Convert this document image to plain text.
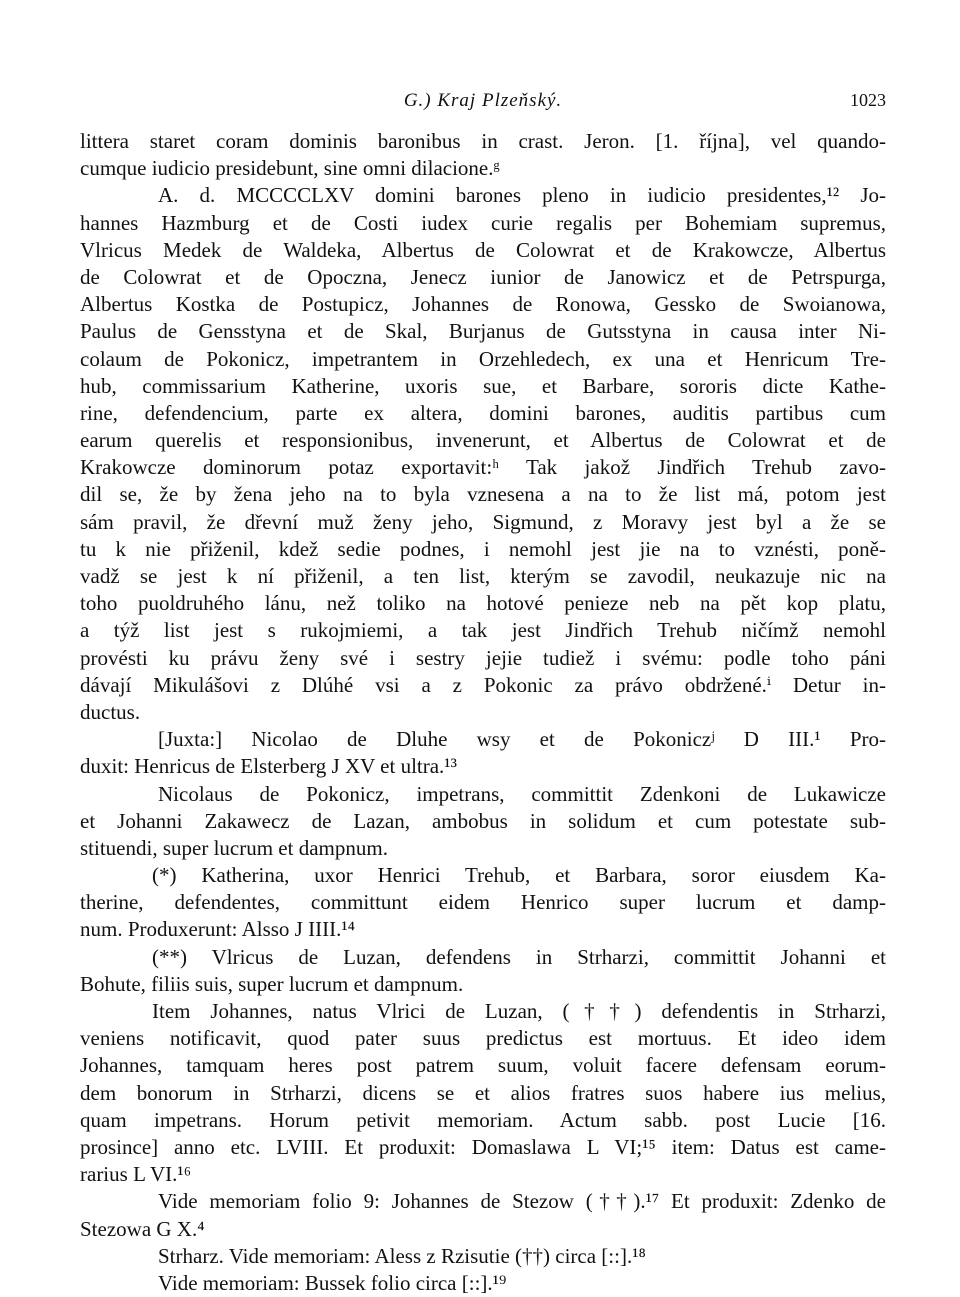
G.) Kraj Plzeňský.	1023
littera staret coram dominis baronibus in crast. Jeron. [1. října], vel quando-
cumque iudicio presidebunt, sine omni dilacione.ᵍ
A. d. MCCCCLXV domini barones pleno in iudicio presidentes,¹² Jo-
hannes Hazmburg et de Costi iudex curie regalis per Bohemiam supremus,
Vlricus Medek de Waldeka, Albertus de Colowrat et de Krakowcze, Albertus
de Colowrat et de Opoczna, Jenecz iunior de Janowicz et de Petrspurga,
Albertus Kostka de Postupicz, Johannes de Ronowa, Gessko de Swoianowa,
Paulus de Gensstyna et de Skal, Burjanus de Gutsstyna in causa inter Ni-
colaum de Pokonicz, impetrantem in Orzehledech, ex una et Henricum Tre-
hub, commissarium Katherine, uxoris sue, et Barbare, sororis dicte Kathe-
rine, defendencium, parte ex altera, domini barones, auditis partibus cum
earum querelis et responsionibus, invenerunt, et Albertus de Colowrat et de
Krakowcze dominorum potaz exportavit:ʰ Tak jakož Jindřich Trehub zavo-
dil se, že by žena jeho na to byla vznesena a na to že list má, potom jest
sám pravil, že dřevní muž ženy jeho, Sigmund, z Moravy jest byl a že se
tu k nie přiženil, kdež sedie podnes, i nemohl jest jie na to vznésti, poně-
vadž se jest k ní přiženil, a ten list, kterým se zavodil, neukazuje nic na
toho puoldruhého lánu, než toliko na hotové penieze neb na pět kop platu,
a týž list jest s rukojmiemi, a tak jest Jindřich Trehub ničímž nemohl
provésti ku právu ženy své i sestry jejie tudiež i svému: podle toho páni
dávají Mikulášovi z Dlúhé vsi a z Pokonic za právo obdržené.ⁱ Detur in-
ductus.
[Juxta:] Nicolao de Dluhe wsy et de Pokoniczʲ D III.¹ Pro-
duxit: Henricus de Elsterberg J XV et ultra.¹³
Nicolaus de Pokonicz, impetrans, committit Zdenkoni de Lukawicze
et Johanni Zakawecz de Lazan, ambobus in solidum et cum potestate sub-
stituendi, super lucrum et dampnum.
(*) Katherina, uxor Henrici Trehub, et Barbara, soror eiusdem Ka-
therine, defendentes, committunt eidem Henrico super lucrum et damp-
num. Produxerunt: Alsso J IIII.¹⁴
(**) Vlricus de Luzan, defendens in Strharzi, committit Johanni et
Bohute, filiis suis, super lucrum et dampnum.
Item Johannes, natus Vlrici de Luzan, (††) defendentis in Strharzi,
veniens notificavit, quod pater suus predictus est mortuus. Et ideo idem
Johannes, tamquam heres post patrem suum, voluit facere defensam eorum-
dem bonorum in Strharzi, dicens se et alios fratres suos habere ius melius,
quam impetrans. Horum petivit memoriam. Actum sabb. post Lucie [16.
prosince] anno etc. LVIII. Et produxit: Domaslawa L VI;¹⁵ item: Datus est came-
rarius L VI.¹⁶
Vide memoriam folio 9: Johannes de Stezow (††).¹⁷ Et produxit: Zdenko de
Stezowa G X.⁴
Strharz. Vide memoriam: Aless z Rzisutie (††) circa [::].¹⁸
Vide memoriam: Bussek folio circa [::].¹⁹
